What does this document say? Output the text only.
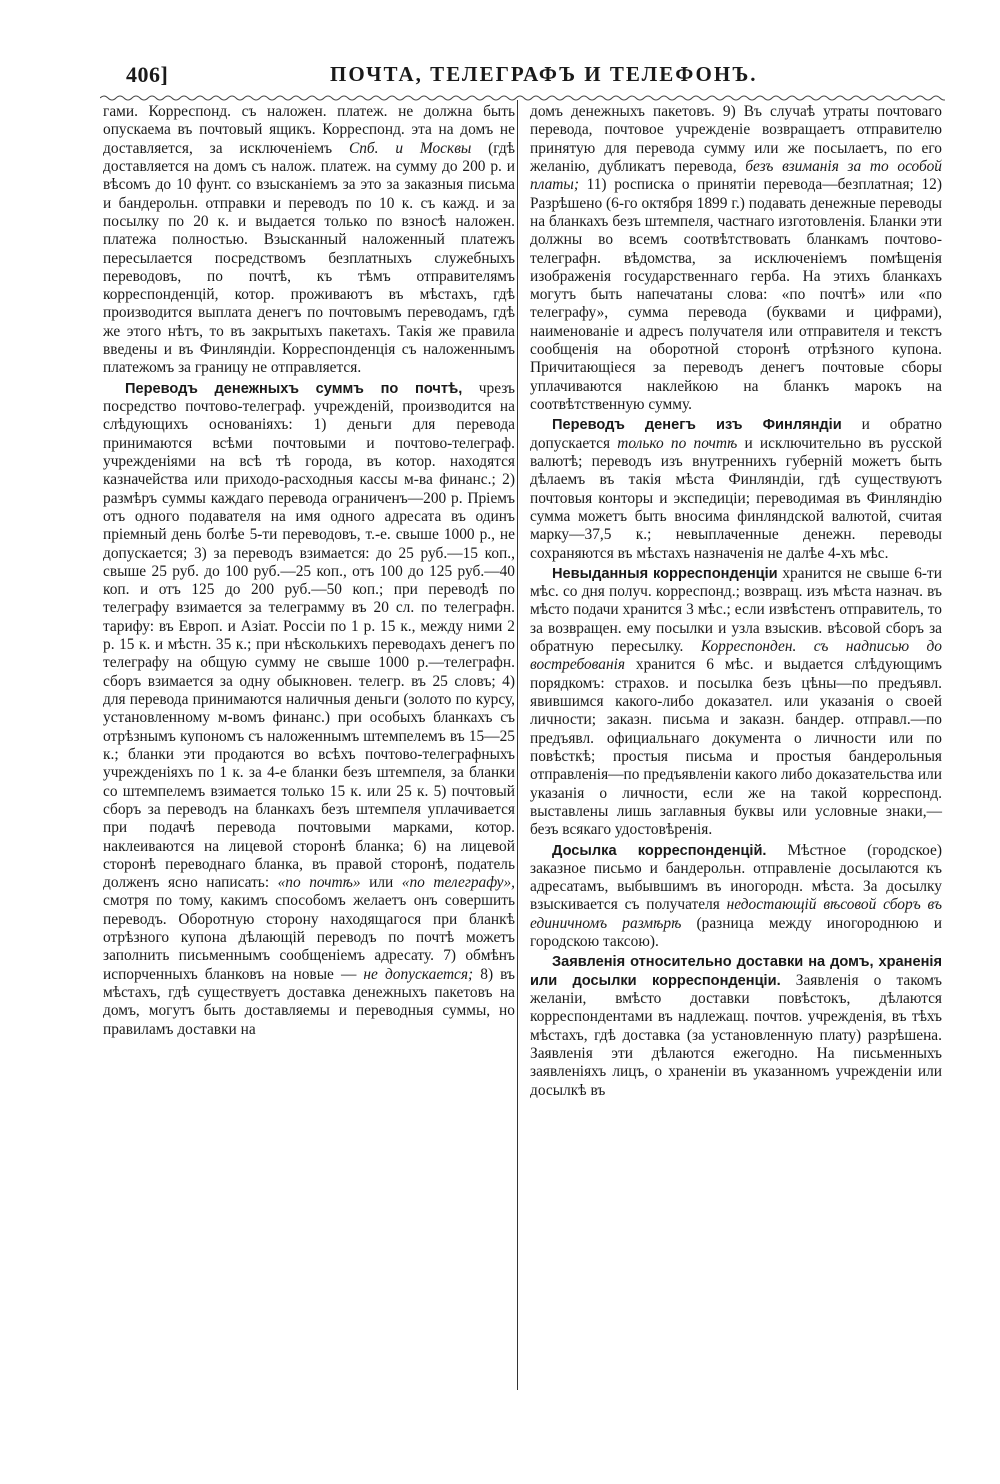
406]	ПОЧТА, ТЕЛЕГРАФЪ И ТЕЛЕФОНЪ.

гами. Корреспонд. съ наложен. платеж. не должна быть опускаема въ почтовый ящикъ. Корреспонд. эта на домъ не доставляется, за исключеніемъ Спб. и Москвы (гдѣ доставляется на домъ съ налож. платеж. на сумму до 200 р. и вѣсомъ до 10 фунт. со взысканіемъ за это за заказныя письма и бандерольн. отправки и переводъ по 10 к. съ кажд. и за посылку по 20 к. и выдается только по взносѣ наложен. платежа полностью. Взысканный наложенный платежъ пересылается посредствомъ безплатныхъ служебныхъ переводовъ, по почтѣ, къ тѣмъ отправителямъ корреспонденцій, котор. проживаютъ въ мѣстахъ, гдѣ производится выплата денегъ по почтовымъ переводамъ, гдѣ же этого нѣтъ, то въ закрытыхъ пакетахъ. Такія же правила введены и въ Финляндіи. Корреспонденція съ наложеннымъ платежомъ за границу не отправляется.

Переводъ денежныхъ суммъ по почтѣ, чрезъ посредство почтово-телеграф. учрежденій, производится на слѣдующихъ основаніяхъ: 1) деньги для перевода принимаются всѣми почтовыми и почтово-телеграф. учрежденіями на всѣ тѣ города, въ котор. находятся казначейства или приходо-расходныя кассы м-ва финанс.; 2) размѣръ суммы каждаго перевода ограниченъ—200 р. Пріемъ отъ одного подавателя на имя одного адресата въ одинъ пріемный день болѣе 5-ти переводовъ, т.-е. свыше 1000 р., не допускается; 3) за переводъ взимается: до 25 руб.—15 коп., свыше 25 руб. до 100 руб.—25 коп., отъ 100 до 125 руб.—40 коп. и отъ 125 до 200 руб.—50 коп.; при переводѣ по телеграфу взимается за телеграмму въ 20 сл. по телеграфн. тарифу: въ Европ. и Азіат. Россіи по 1 р. 15 к., между ними 2 р. 15 к. и мѣстн. 35 к.; при нѣсколькихъ переводахъ денегъ по телеграфу на общую сумму не свыше 1000 р.—телеграфн. сборъ взимается за одну обыкновен. телегр. въ 25 словъ; 4) для перевода принимаются наличныя деньги (золото по курсу, установленному м-вомъ финанс.) при особыхъ бланкахъ съ отрѣзнымъ купономъ съ наложеннымъ штемпелемъ въ 15—25 к.; бланки эти продаются во всѣхъ почтово-телеграфныхъ учрежденіяхъ по 1 к. за 4-е бланки безъ штемпеля, за бланки со штемпелемъ взимается только 15 к. или 25 к. 5) почтовый сборъ за переводъ на бланкахъ безъ штемпеля уплачивается при подачѣ перевода почтовыми марками, котор. наклеиваются на лицевой сторонѣ бланка; 6) на лицевой сторонѣ переводнаго бланка, въ правой сторонѣ, податель долженъ ясно написать: «по почтѣ» или «по телеграфу», смотря по тому, какимъ способомъ желаетъ онъ совершить переводъ. Оборотную сторону находящагося при бланкѣ отрѣзного купона дѣлающій переводъ по почтѣ можетъ заполнить письменнымъ сообщеніемъ адресату. 7) обмѣнъ испорченныхъ бланковъ на новые — не допускается; 8) въ мѣстахъ, гдѣ существуетъ доставка денежныхъ пакетовъ на домъ, могутъ быть доставляемы и переводныя суммы, но правиламъ доставки на

домъ денежныхъ пакетовъ. 9) Въ случаѣ утраты почтоваго перевода, почтовое учрежденіе возвращаетъ отправителю принятую для перевода сумму или же посылаетъ, по его желанію, дубликатъ перевода, безъ взиманія за то особой платы; 11) росписка о принятіи перевода—безплатная; 12) Разрѣшено (6-го октября 1899 г.) подавать денежные переводы на бланкахъ безъ штемпеля, частнаго изготовленія. Бланки эти должны во всемъ соотвѣтствовать бланкамъ почтово-телеграфн. вѣдомства, за исключеніемъ помѣщенія изображенія государственнаго герба. На этихъ бланкахъ могутъ быть напечатаны слова: «по почтѣ» или «по телеграфу», сумма перевода (буквами и цифрами), наименованіе и адресъ получателя или отправителя и текстъ сообщенія на оборотной сторонѣ отрѣзного купона. Причитающіеся за переводъ денегъ почтовые сборы уплачиваются наклейкою на бланкъ марокъ на соотвѣтственную сумму.

Переводъ денегъ изъ Финляндіи и обратно допускается только по почтѣ и исключительно въ русской валютѣ; переводъ изъ внутреннихъ губерній можетъ быть дѣлаемъ въ такія мѣста Финляндіи, гдѣ существуютъ почтовыя конторы и экспедиціи; переводимая въ Финляндію сумма можетъ быть вносима финляндской валютой, считая марку—37,5 к.; невыплаченные денежн. переводы сохраняются въ мѣстахъ назначенія не далѣе 4-хъ мѣс.

Невыданныя корреспонденціи хранится не свыше 6-ти мѣс. со дня получ. корреспонд.; возвращ. изъ мѣста назнач. въ мѣсто подачи хранится 3 мѣс.; если извѣстенъ отправитель, то за возвращен. ему посылки и узла взыскив. вѣсовой сборъ за обратную пересылку. Корреспонден. съ надписью до востребованія хранится 6 мѣс. и выдается слѣдующимъ порядкомъ: страхов. и посылка безъ цѣны—по предъявл. явившимся какого-либо доказател. или указанія о своей личности; заказн. письма и заказн. бандер. отправл.—по предъявл. официальнаго документа о личности или по повѣсткѣ; простыя письма и простыя бандерольныя отправленія—по предъявленіи какого либо доказательства или указанія о личности, если же на такой корреспонд. выставлены лишь заглавныя буквы или условные знаки,—безъ всякаго удостовѣренія.

Досылка корреспонденцій. Мѣстное (городское) заказное письмо и бандерольн. отправленіе досылаются къ адресатамъ, выбывшимъ въ иногородн. мѣста. За досылку взыскивается съ получателя недостающій вѣсовой сборъ въ единичномъ размѣрѣ (разница между иногороднюю и городскою таксою).

Заявленія относительно доставки на домъ, храненія или досылки корреспонденціи. Заявленія о такомъ желаніи, вмѣсто доставки повѣстокъ, дѣлаются корреспондентами въ надлежащ. почтов. учрежденія, въ тѣхъ мѣстахъ, гдѣ доставка (за установленную плату) разрѣшена. Заявленія эти дѣлаются ежегодно. На письменныхъ заявленіяхъ лицъ, о храненіи въ указанномъ учрежденіи или досылкѣ въ
